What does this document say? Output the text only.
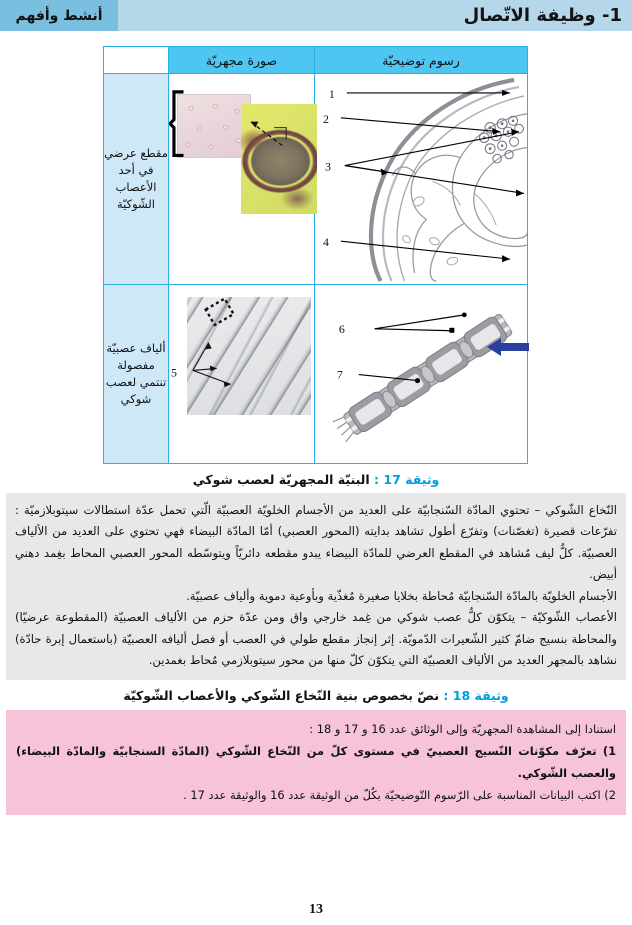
أنشط وأفهم	1- وظيفة الاتّصال
رسوم توضيحيّة	صورة مجهريّة	

1
2
3
4

مقطع عرضي
في أحد
الأعصاب
الشّوكيّة

6
7

5

ألياف عصبيّة
مفصولة
تنتمي لعصب
شوكي
وثيقة 17 : البنيّة المجهريّة لعصب شوكي

النّخاع الشّوكي – تحتوي المادّة السّنجابيّة على العديد من الأجسام الخلويّة العصبيّة الّتي تحمل عدّة استطالات سيتوبلازميّة : تفرّعات قصيرة (تغصّنات) وتفرّع أطول تشاهد بدايته (المحور العصبي) أمّا المادّة البيضاء فهي تحتوي على العديد من الألياف العصبيّة. كلُّ ليف مُشاهد في المقطع العرضي للمادّة البيضاء يبدو مقطعه دائريّاً ويتوسّطه المحور العصبي المحاط بغِمد دهني أبيض.

الأجسام الخلويّة بالمادّة السّنجابيّة مُحاطة بخلايا صغيرة مُغذّية وبأوعية دموية وألياف عصبيّة.

الأعصاب الشّوكيّة – يتكوّن كلُّ عصب شوكي من غِمد خارجي واق ومن عدّة حزم من الألياف العصبيّة (المقطوعة عرضيّا) والمحاطة بنسيج ضامّ كثير الشّعيرات الدّمويّة. إثر إنجاز مقطع طولي في العصب أو فصل أليافه العصبيّة (باستعمال إبرة حادّة) نشاهد بالمجهر العديد من الألياف العصبيّة التي يتكوّن كلّ منها من محور سيتوبلازمي مُحاط بغمدين.

وثيقة 18 : نصّ بخصوص بنية النّخاع الشّوكي والأعصاب الشّوكيّة

استنادا إلى المشاهدة المجهريّة وإلى الوثائق عدد 16 و 17 و 18 :

1) تعرّف مكوّنات النّسيج العصبيّ في مستوى كلّ من النّخاع الشّوكي (المادّة السنجابيّة والمادّة البيضاء) والعصب الشّوكي.

2) اكتب البيانات المناسبة على الرّسوم التّوضيحيّة بكُلّ من الوثيقة عدد 16 والوثيقة عدد 17 .

13
